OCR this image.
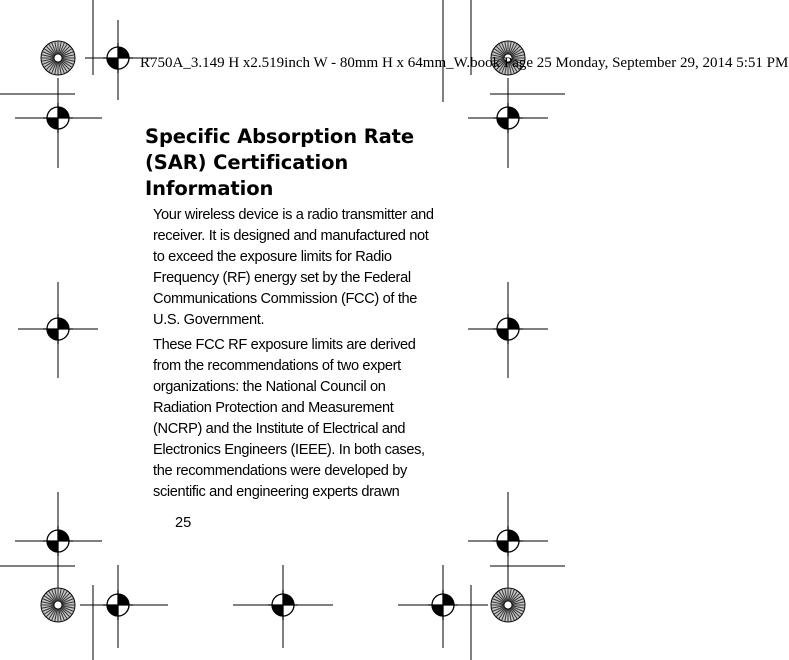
R750A_3.149 H x2.519inch W - 80mm H x 64mm_W.book Page 25 Monday, September 29, 2014 5:51 PM
Specific Absorption Rate (SAR) Certification Information

Your wireless device is a radio transmitter and receiver. It is designed and manufactured not to exceed the exposure limits for Radio Frequency (RF) energy set by the Federal Communications Commission (FCC) of the U.S. Government.

These FCC RF exposure limits are derived from the recommendations of two expert organizations: the National Council on Radiation Protection and Measurement (NCRP) and the Institute of Electrical and Electronics Engineers (IEEE). In both cases, the recommendations were developed by scientific and engineering experts drawn

25
